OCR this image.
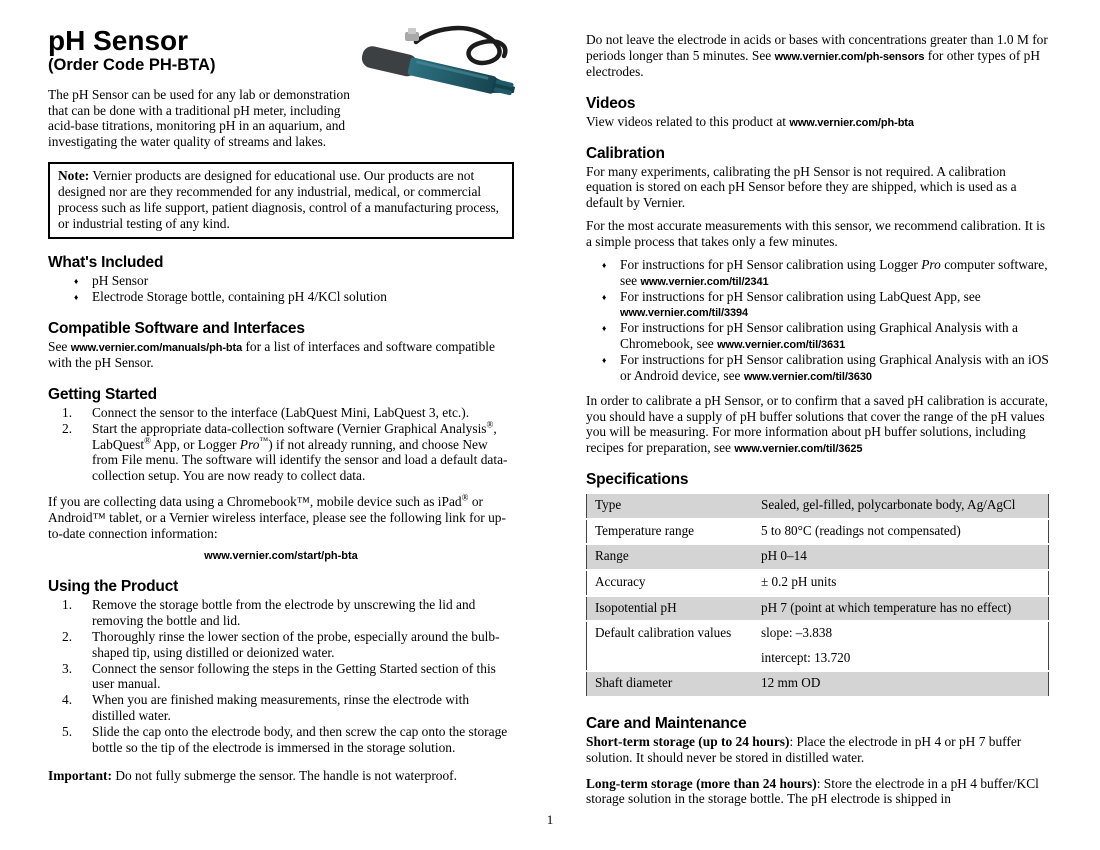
pH Sensor
(Order Code PH-BTA)

The pH Sensor can be used for any lab or demonstration that can be done with a traditional pH meter, including acid-base titrations, monitoring pH in an aquarium, and investigating the water quality of streams and lakes.

Note: Vernier products are designed for educational use. Our products are not designed nor are they recommended for any industrial, medical, or commercial process such as life support, patient diagnosis, control of a manufacturing process, or industrial testing of any kind.
What's Included
♦ pH Sensor
♦ Electrode Storage bottle, containing pH 4/KCl solution
Compatible Software and Interfaces

See www.vernier.com/manuals/ph-bta for a list of interfaces and software compatible with the pH Sensor.

Getting Started
Connect the sensor to the interface (LabQuest Mini, LabQuest 3, etc.).
Start the appropriate data-collection software (Vernier Graphical Analysis®, LabQuest® App, or Logger Pro™) if not already running, and choose New from File menu. The software will identify the sensor and load a default data-collection setup. You are now ready to collect data.

If you are collecting data using a Chromebook™, mobile device such as iPad® or Android™ tablet, or a Vernier wireless interface, please see the following link for up-to-date connection information:

www.vernier.com/start/ph-bta
Using the Product
Remove the storage bottle from the electrode by unscrewing the lid and removing the bottle and lid.
Thoroughly rinse the lower section of the probe, especially around the bulb-shaped tip, using distilled or deionized water.
Connect the sensor following the steps in the Getting Started section of this user manual.
When you are finished making measurements, rinse the electrode with distilled water.
Slide the cap onto the electrode body, and then screw the cap onto the storage bottle so the tip of the electrode is immersed in the storage solution.

Important: Do not fully submerge the sensor. The handle is not waterproof.

Do not leave the electrode in acids or bases with concentrations greater than 1.0 M for periods longer than 5 minutes. See www.vernier.com/ph-sensors for other types of pH electrodes.

Videos

View videos related to this product at www.vernier.com/ph-bta

Calibration

For many experiments, calibrating the pH Sensor is not required. A calibration equation is stored on each pH Sensor before they are shipped, which is used as a default by Vernier.

For the most accurate measurements with this sensor, we recommend calibration. It is a simple process that takes only a few minutes.

♦ For instructions for pH Sensor calibration using Logger Pro computer software, see www.vernier.com/til/2341
♦ For instructions for pH Sensor calibration using LabQuest App, see www.vernier.com/til/3394
♦ For instructions for pH Sensor calibration using Graphical Analysis with a Chromebook, see www.vernier.com/til/3631
♦ For instructions for pH Sensor calibration using Graphical Analysis with an iOS or Android device, see www.vernier.com/til/3630

In order to calibrate a pH Sensor, or to confirm that a saved pH calibration is accurate, you should have a supply of pH buffer solutions that cover the range of the pH values you will be measuring. For more information about pH buffer solutions, including recipes for preparation, see www.vernier.com/til/3625

Specifications
Type	Sealed, gel-filled, polycarbonate body, Ag/AgCl

Temperature range	5 to 80°C (readings not compensated)

Range	pH 0–14

Accuracy	± 0.2 pH units

Isopotential pH	pH 7 (point at which temperature has no effect)

Default calibration values	slope: –3.838
intercept: 13.720

Shaft diameter	12 mm OD
Care and Maintenance

Short-term storage (up to 24 hours): Place the electrode in pH 4 or pH 7 buffer solution. It should never be stored in distilled water.

Long-term storage (more than 24 hours): Store the electrode in a pH 4 buffer/KCl storage solution in the storage bottle. The pH electrode is shipped in

1
